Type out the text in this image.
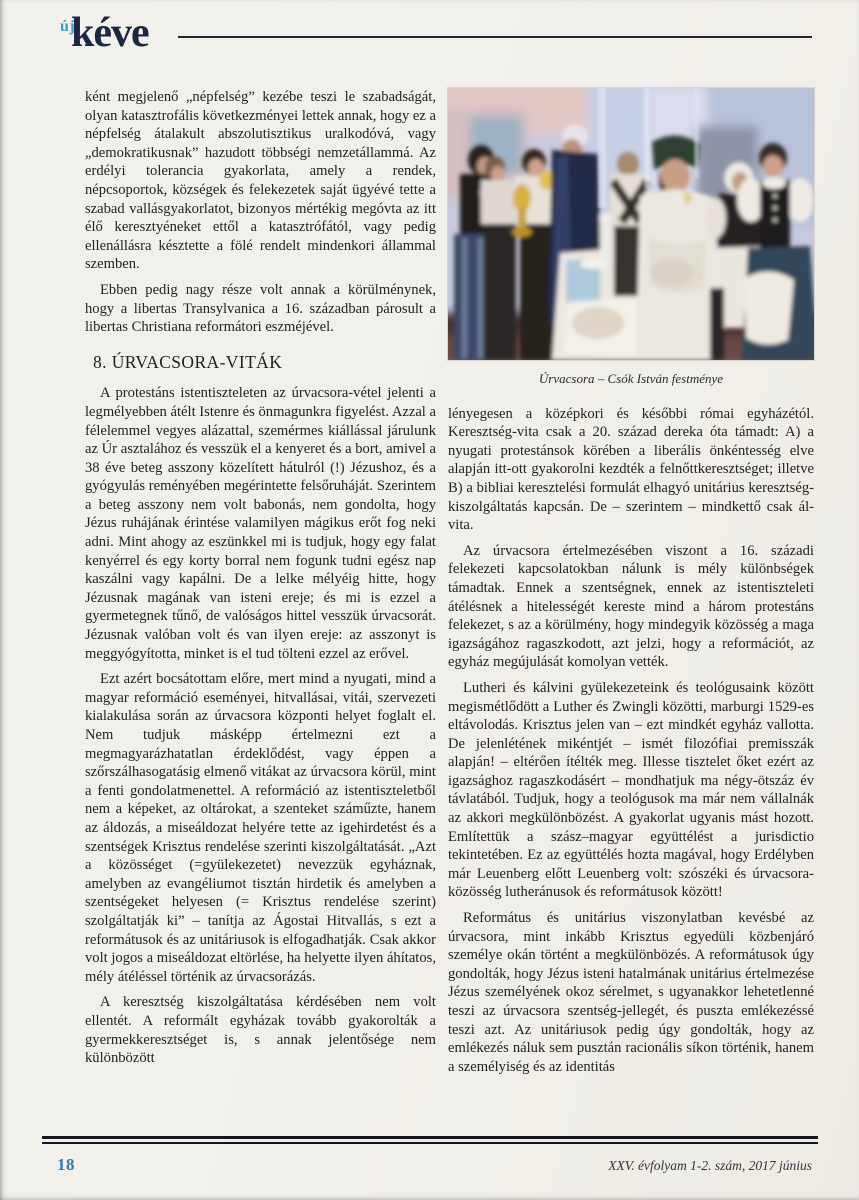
új
kéve

ként megjelenő „népfelség” kezébe teszi le szabadságát, olyan katasztrofális következményei lettek annak, hogy ez a népfelség átalakult abszolutisztikus uralkodóvá, vagy „demokratikusnak” hazudott többségi nemzetállammá. Az erdélyi tolerancia gyakorlata, amely a rendek, népcsoportok, községek és felekezetek saját ügyévé tette a szabad vallásgyakorlatot, bizonyos mértékig megóvta az itt élő keresztyéneket ettől a katasztrófától, vagy pedig ellenállásra késztette a fölé rendelt mindenkori állammal szemben.

Ebben pedig nagy része volt annak a körülménynek, hogy a libertas Transylvanica a 16. században párosult a libertas Christiana reformátori eszméjével.

8. ÚRVACSORA-VITÁK

A protestáns istentiszteleten az úrvacsora-vétel jelenti a legmélyebben átélt Istenre és önmagunkra figyelést. Azzal a félelemmel vegyes alázattal, szemérmes kiállással járulunk az Úr asztalához és vesszük el a kenyeret és a bort, amivel a 38 éve beteg asszony közelített hátulról (!) Jézushoz, és a gyógyulás reményében megérintette felsőruháját. Szerintem a beteg asszony nem volt babonás, nem gondolta, hogy Jézus ruhájának érintése valamilyen mágikus erőt fog neki adni. Mint ahogy az eszünkkel mi is tudjuk, hogy egy falat kenyérrel és egy korty borral nem fogunk tudni egész nap kaszálni vagy kapálni. De a lelke mélyéig hitte, hogy Jézusnak magának van isteni ereje; és mi is ezzel a gyermetegnek tűnő, de valóságos hittel vesszük úrvacsorát. Jézusnak valóban volt és van ilyen ereje: az asszonyt is meggyógyította, minket is el tud tölteni ezzel az erővel.

Ezt azért bocsátottam előre, mert mind a nyugati, mind a magyar reformáció eseményei, hitvallásai, vitái, szervezeti kialakulása során az úrvacsora központi helyet foglalt el. Nem tudjuk másképp értelmezni ezt a megmagyarázhatatlan érdeklődést, vagy éppen a szőrszálhasogatásig elmenő vitákat az úrvacsora körül, mint a fenti gondolatmenettel. A reformáció az istentiszteletből nem a képeket, az oltárokat, a szenteket száműzte, hanem az áldozás, a miseáldozat helyére tette az igehirdetést és a szentségek Krisztus rendelése szerinti kiszolgáltatását. „Azt a közösséget (=gyülekezetet) nevezzük egyháznak, amelyben az evangéliumot tisztán hirdetik és amelyben a szentségeket helyesen (= Krisztus rendelése szerint) szolgáltatják ki” – tanítja az Ágostai Hitvallás, s ezt a reformátusok és az unitáriusok is elfogadhatják. Csak akkor volt jogos a miseáldozat eltörlése, ha helyette ilyen áhítatos, mély átéléssel történik az úrvacsorázás.

A keresztség kiszolgáltatása kérdésében nem volt ellentét. A reformált egyházak tovább gyakorolták a gyermekkeresztséget is, s annak jelentősége nem különbözött

Úrvacsora – Csók István festménye

lényegesen a középkori és későbbi római egyházétól. Keresztség-vita csak a 20. század dereka óta támadt: A) a nyugati protestánsok körében a liberális önkéntesség elve alapján itt-ott gyakorolni kezdték a felnőttkeresztséget; illetve B) a bibliai keresztelési formulát elhagyó unitárius keresztség-kiszolgáltatás kapcsán. De – szerintem – mindkettő csak ál-vita.

Az úrvacsora értelmezésében viszont a 16. századi felekezeti kapcsolatokban nálunk is mély különbségek támadtak. Ennek a szentségnek, ennek az istentiszteleti átélésnek a hitelességét kereste mind a három protestáns felekezet, s az a körülmény, hogy mindegyik közösség a maga igazságához ragaszkodott, azt jelzi, hogy a reformációt, az egyház megújulását komolyan vették.

Lutheri és kálvini gyülekezeteink és teológusaink között megismétlődött a Luther és Zwingli közötti, marburgi 1529-es eltávolodás. Krisztus jelen van – ezt mindkét egyház vallotta. De jelenlétének mikéntjét – ismét filozófiai premisszák alapján! – eltérően ítélték meg. Illesse tisztelet őket ezért az igazsághoz ragaszkodásért – mondhatjuk ma négy-ötszáz év távlatából. Tudjuk, hogy a teológusok ma már nem vállalnák az akkori megkülönbözést. A gyakorlat ugyanis mást hozott. Említettük a szász–magyar együttélést a jurisdictio tekintetében. Ez az együttélés hozta magával, hogy Erdélyben már Leuenberg előtt Leuenberg volt: szószéki és úrvacsora-közösség lutheránusok és reformátusok között!

Református és unitárius viszonylatban kevésbé az úrvacsora, mint inkább Krisztus egyedüli közbenjáró személye okán történt a megkülönbözés. A reformátusok úgy gondolták, hogy Jézus isteni hatalmának unitárius értelmezése Jézus személyének okoz sérelmet, s ugyanakkor lehetetlenné teszi az úrvacsora szentség-jellegét, és puszta emlékezéssé teszi azt. Az unitáriusok pedig úgy gondolták, hogy az emlékezés náluk sem pusztán racionális síkon történik, hanem a személyiség és az identitás

18	XXV. évfolyam 1-2. szám, 2017 június
